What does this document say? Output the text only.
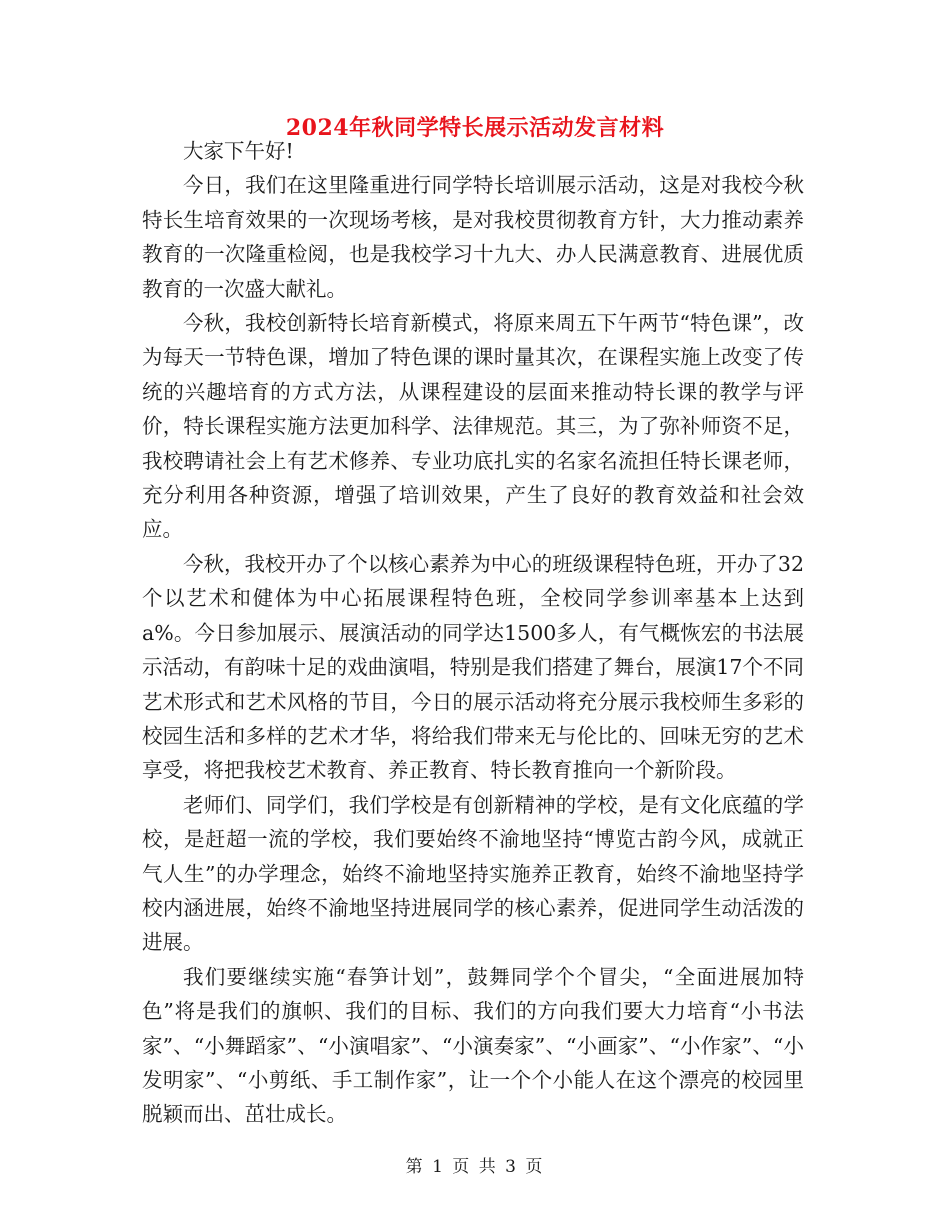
2024年秋同学特长展示活动发言材料

大家下午好!

今日，我们在这里隆重进行同学特长培训展示活动，这是对我校今秋特长生培育效果的一次现场考核，是对我校贯彻教育方针，大力推动素养教育的一次隆重检阅，也是我校学习十九大、办人民满意教育、进展优质教育的一次盛大献礼。

今秋，我校创新特长培育新模式，将原来周五下午两节“特色课”，改为每天一节特色课，增加了特色课的课时量其次，在课程实施上改变了传统的兴趣培育的方式方法，从课程建设的层面来推动特长课的教学与评价，特长课程实施方法更加科学、法律规范。其三，为了弥补师资不足，我校聘请社会上有艺术修养、专业功底扎实的名家名流担任特长课老师，充分利用各种资源，增强了培训效果，产生了良好的教育效益和社会效应。

今秋，我校开办了个以核心素养为中心的班级课程特色班，开办了32个以艺术和健体为中心拓展课程特色班，全校同学参训率基本上达到a%。今日参加展示、展演活动的同学达1500多人，有气概恢宏的书法展示活动，有韵味十足的戏曲演唱，特别是我们搭建了舞台，展演17个不同艺术形式和艺术风格的节目，今日的展示活动将充分展示我校师生多彩的校园生活和多样的艺术才华，将给我们带来无与伦比的、回味无穷的艺术享受，将把我校艺术教育、养正教育、特长教育推向一个新阶段。

老师们、同学们，我们学校是有创新精神的学校，是有文化底蕴的学校，是赶超一流的学校，我们要始终不渝地坚持“博览古韵今风，成就正气人生”的办学理念，始终不渝地坚持实施养正教育，始终不渝地坚持学校内涵进展，始终不渝地坚持进展同学的核心素养，促进同学生动活泼的进展。

我们要继续实施“春笋计划”，鼓舞同学个个冒尖，“全面进展加特色”将是我们的旗帜、我们的目标、我们的方向我们要大力培育“小书法家”、“小舞蹈家”、“小演唱家”、“小演奏家”、“小画家”、“小作家”、“小发明家”、“小剪纸、手工制作家”，让一个个小能人在这个漂亮的校园里脱颖而出、茁壮成长。

第 1 页 共 3 页
